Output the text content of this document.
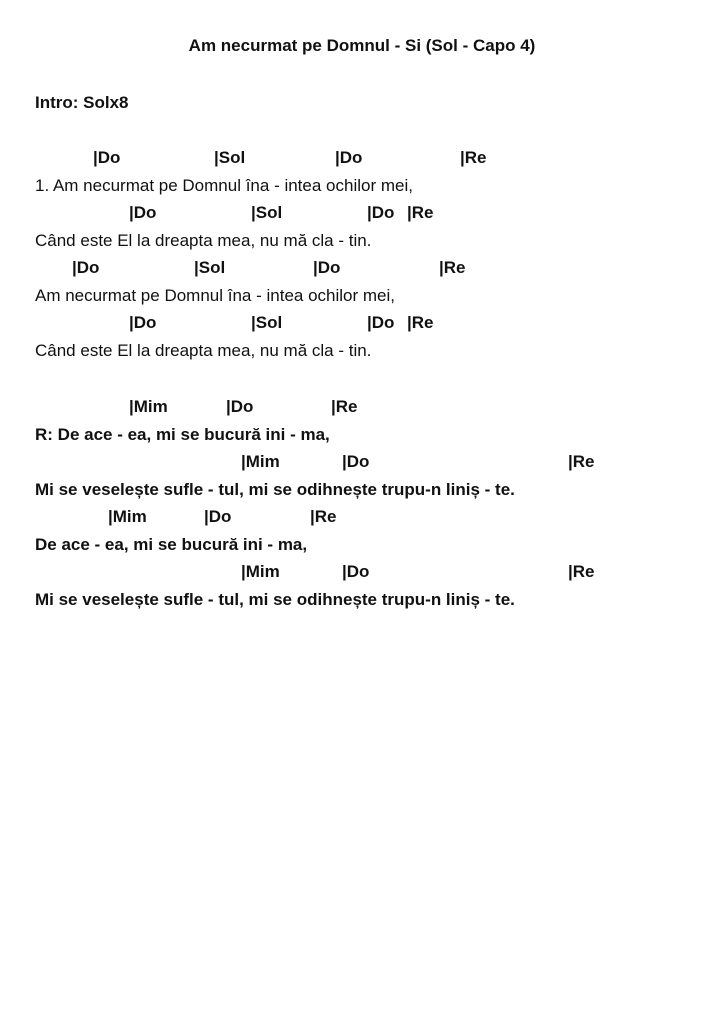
Am necurmat pe Domnul - Si (Sol - Capo 4)
Intro: Solx8
|Do	|Sol	|Do	|Re
1. Am necurmat pe Domnul îna - intea ochilor mei,
|Do	|Sol	|Do |Re
Când este El la dreapta mea, nu mă cla - tin.
|Do	|Sol	|Do	|Re
Am necurmat pe Domnul îna - intea ochilor mei,
|Do	|Sol	|Do |Re
Când este El la dreapta mea, nu mă cla - tin.
|Mim	|Do	|Re
R: De ace - ea, mi se bucură ini - ma,
|Mim	|Do	|Re
Mi se veselește sufle - tul, mi se odihnește trupu-n liniș - te.
|Mim	|Do	|Re
De ace - ea, mi se bucură ini - ma,
|Mim	|Do	|Re
Mi se veselește sufle - tul, mi se odihnește trupu-n liniș - te.
